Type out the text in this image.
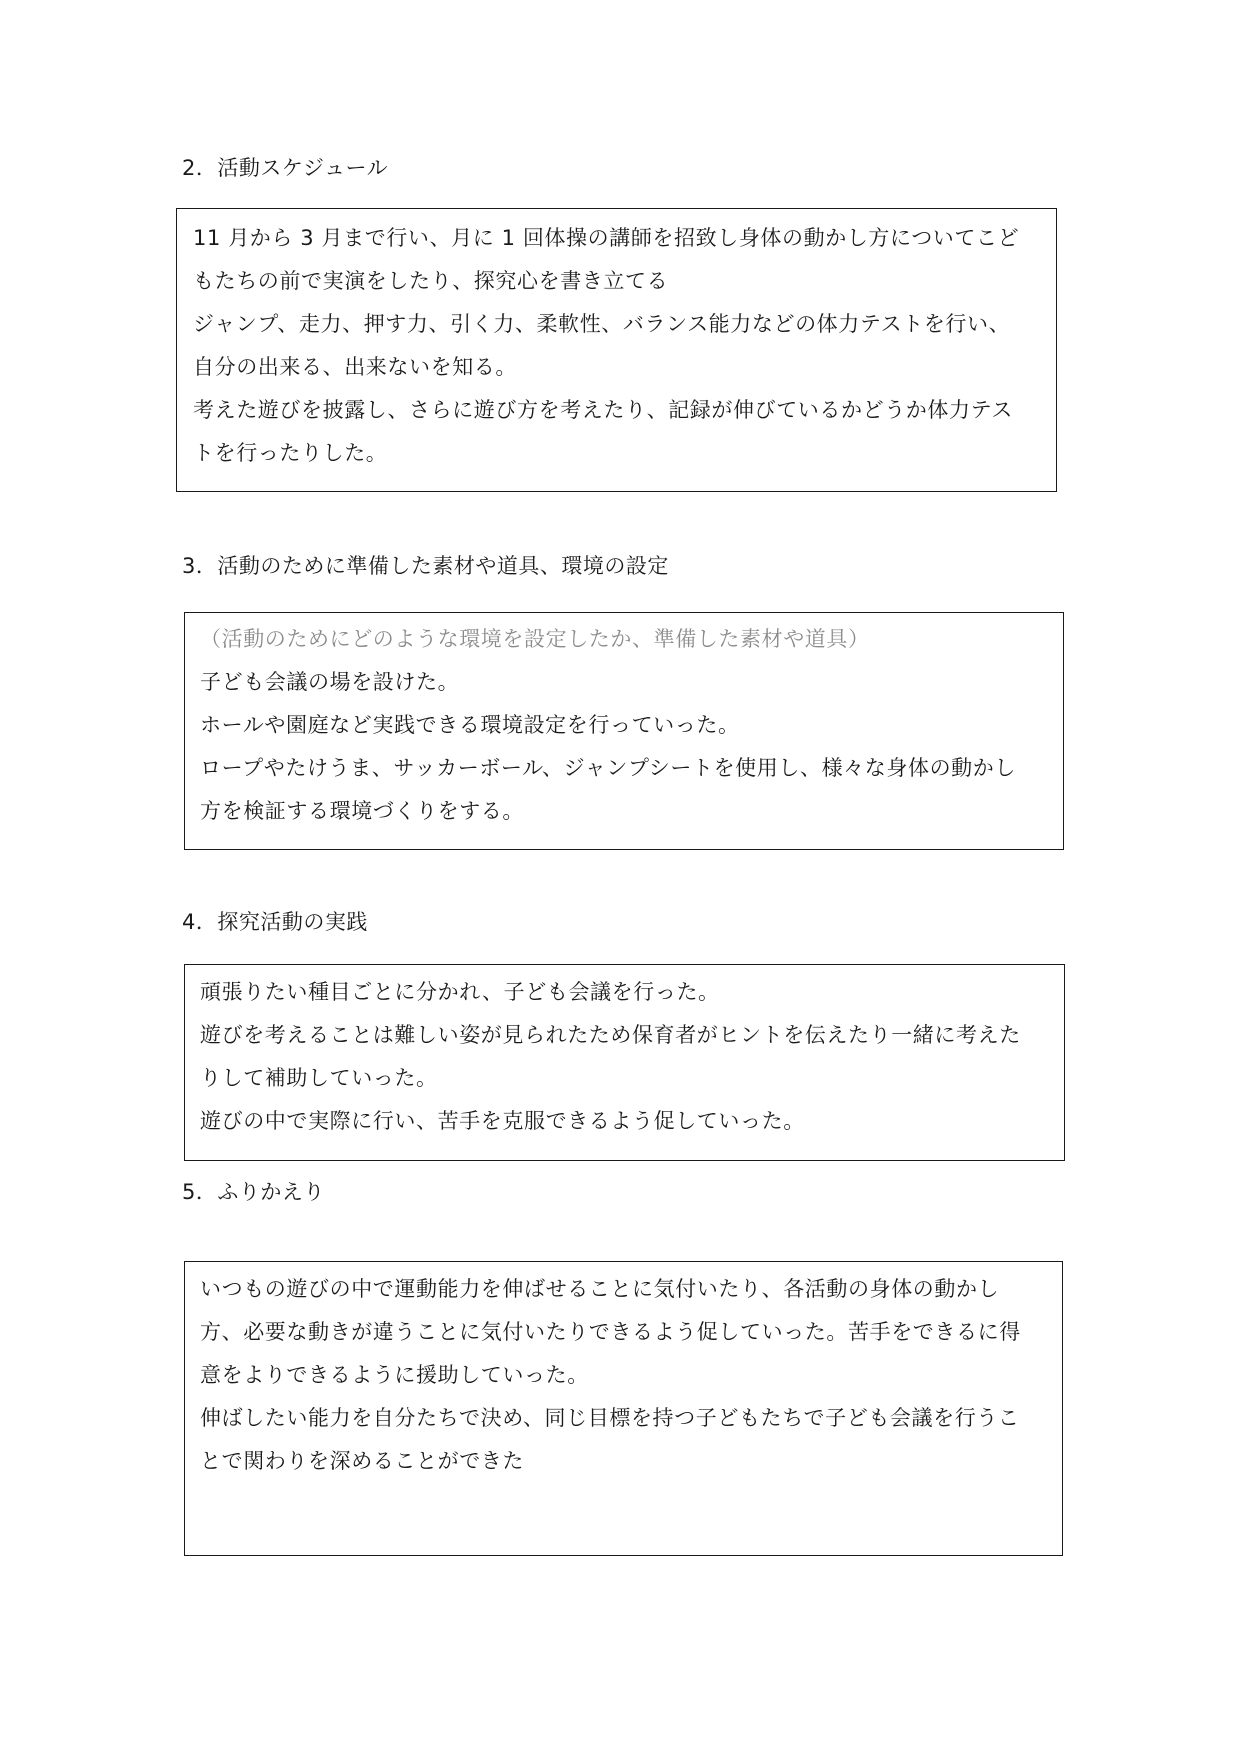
2．活動スケジュール
11 月から 3 月まで行い、月に 1 回体操の講師を招致し身体の動かし方についてこど
もたちの前で実演をしたり、探究心を書き立てる
ジャンプ、走力、押す力、引く力、柔軟性、バランス能力などの体力テストを行い、
自分の出来る、出来ないを知る。
考えた遊びを披露し、さらに遊び方を考えたり、記録が伸びているかどうか体力テス
トを行ったりした。
3．活動のために準備した素材や道具、環境の設定
（活動のためにどのような環境を設定したか、準備した素材や道具）
子ども会議の場を設けた。
ホールや園庭など実践できる環境設定を行っていった。
ロープやたけうま、サッカーボール、ジャンプシートを使用し、様々な身体の動かし
方を検証する環境づくりをする。
4．探究活動の実践
頑張りたい種目ごとに分かれ、子ども会議を行った。
遊びを考えることは難しい姿が見られたため保育者がヒントを伝えたり一緒に考えた
りして補助していった。
遊びの中で実際に行い、苦手を克服できるよう促していった。
5．ふりかえり
いつもの遊びの中で運動能力を伸ばせることに気付いたり、各活動の身体の動かし
方、必要な動きが違うことに気付いたりできるよう促していった。苦手をできるに得
意をよりできるように援助していった。
伸ばしたい能力を自分たちで決め、同じ目標を持つ子どもたちで子ども会議を行うこ
とで関わりを深めることができた
